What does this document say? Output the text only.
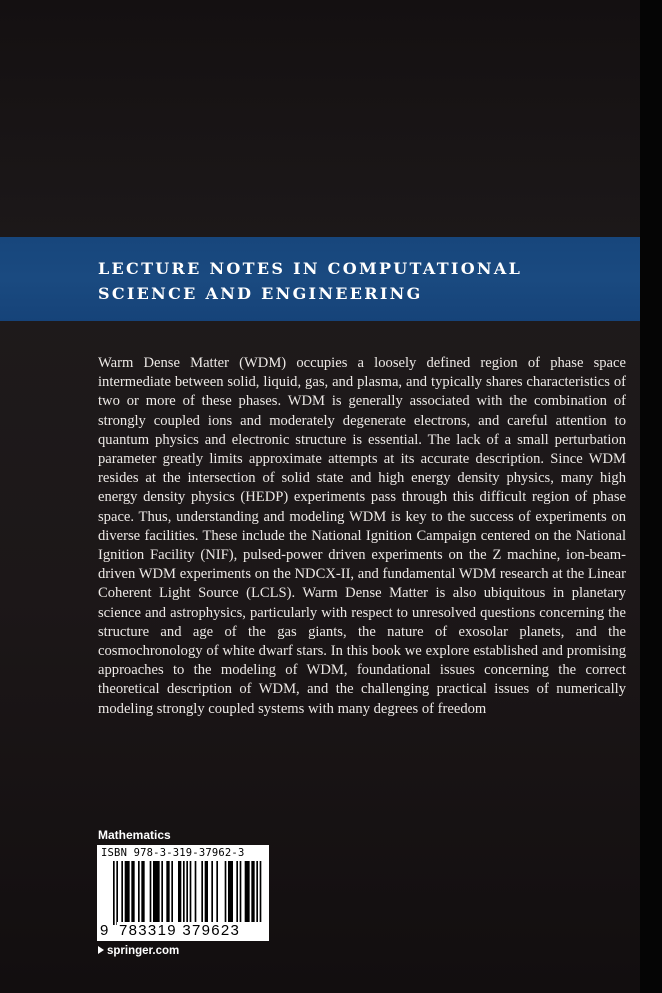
LECTURE NOTES IN COMPUTATIONAL
SCIENCE AND ENGINEERING

Warm Dense Matter (WDM) occupies a loosely defined region of phase space intermediate between solid, liquid, gas, and plasma, and typically shares characteristics of two or more of these phases. WDM is generally associated with the combination of strongly coupled ions and moderately degenerate electrons, and careful attention to quantum physics and electronic structure is essential. The lack of a small perturbation parameter greatly limits approximate attempts at its accurate description. Since WDM resides at the intersection of solid state and high energy density physics, many high energy density physics (HEDP) experiments pass through this difficult region of phase space. Thus, understanding and modeling WDM is key to the success of experiments on diverse facilities. These include the National Ignition Campaign centered on the National Ignition Facility (NIF), pulsed-power driven experiments on the Z machine, ion-beam-driven WDM experiments on the NDCX-II, and fundamental WDM research at the Linear Coherent Light Source (LCLS). Warm Dense Matter is also ubiquitous in planetary science and astrophysics, particularly with respect to unresolved questions concerning the structure and age of the gas giants, the nature of exosolar planets, and the cosmochronology of white dwarf stars. In this book we explore established and promising approaches to the modeling of WDM, foundational issues concerning the correct theoretical description of WDM, and the challenging practical issues of numerically modeling strongly coupled systems with many degrees of freedom

Mathematics
ISBN 978-3-319-37962-3
9 783319 379623
springer.com
